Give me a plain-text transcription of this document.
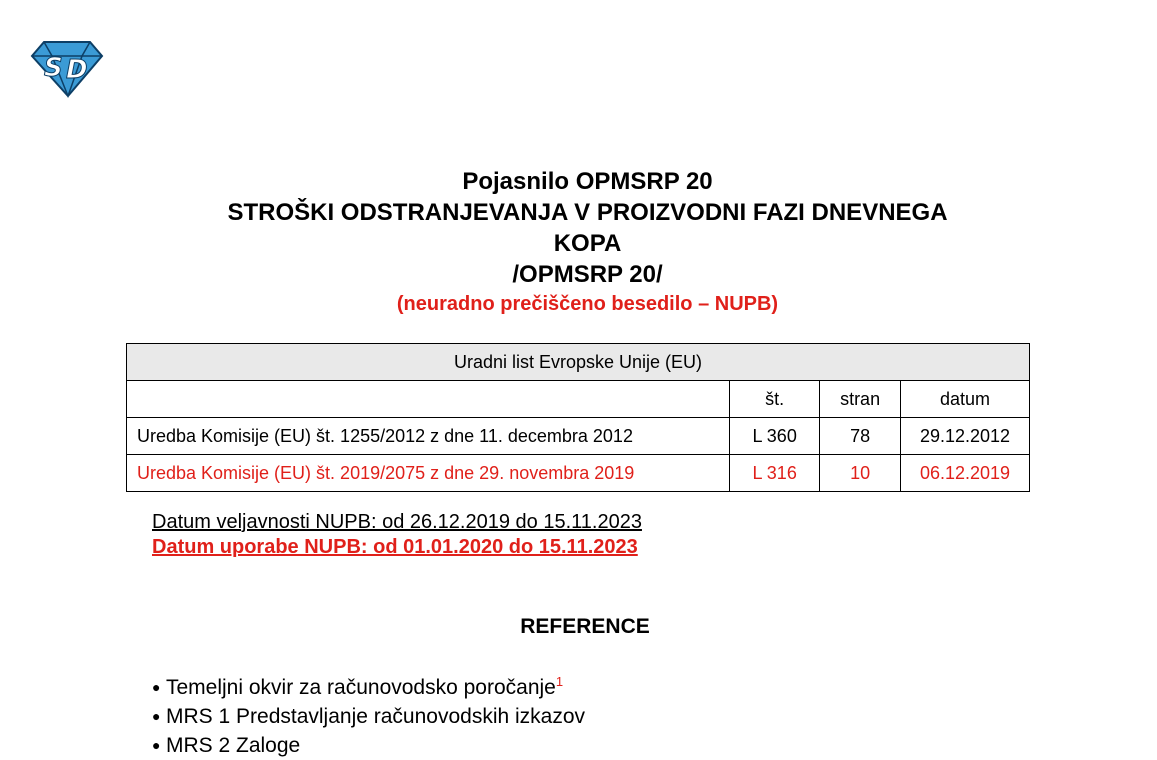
S D
Pojasnilo OPMSRP 20
STROŠKI ODSTRANJEVANJA V PROIZVODNI FAZI DNEVNEGA
KOPA
/OPMSRP 20/
(neuradno prečiščeno besedilo – NUPB)
Uradni list Evropske Unije (EU)			
	št.	stran	datum
Uredba Komisije (EU) št. 1255/2012 z dne 11. decembra 2012	L 360	78	29.12.2012
Uredba Komisije (EU) št. 2019/2075 z dne 29. novembra 2019	L 316	10	06.12.2019
Datum veljavnosti NUPB: od 26.12.2019 do 15.11.2023
Datum uporabe NUPB: od 01.01.2020 do 15.11.2023
REFERENCE
● Temeljni okvir za računovodsko poročanje$^1$
● MRS 1 Predstavljanje računovodskih izkazov
● MRS 2 Zaloge
